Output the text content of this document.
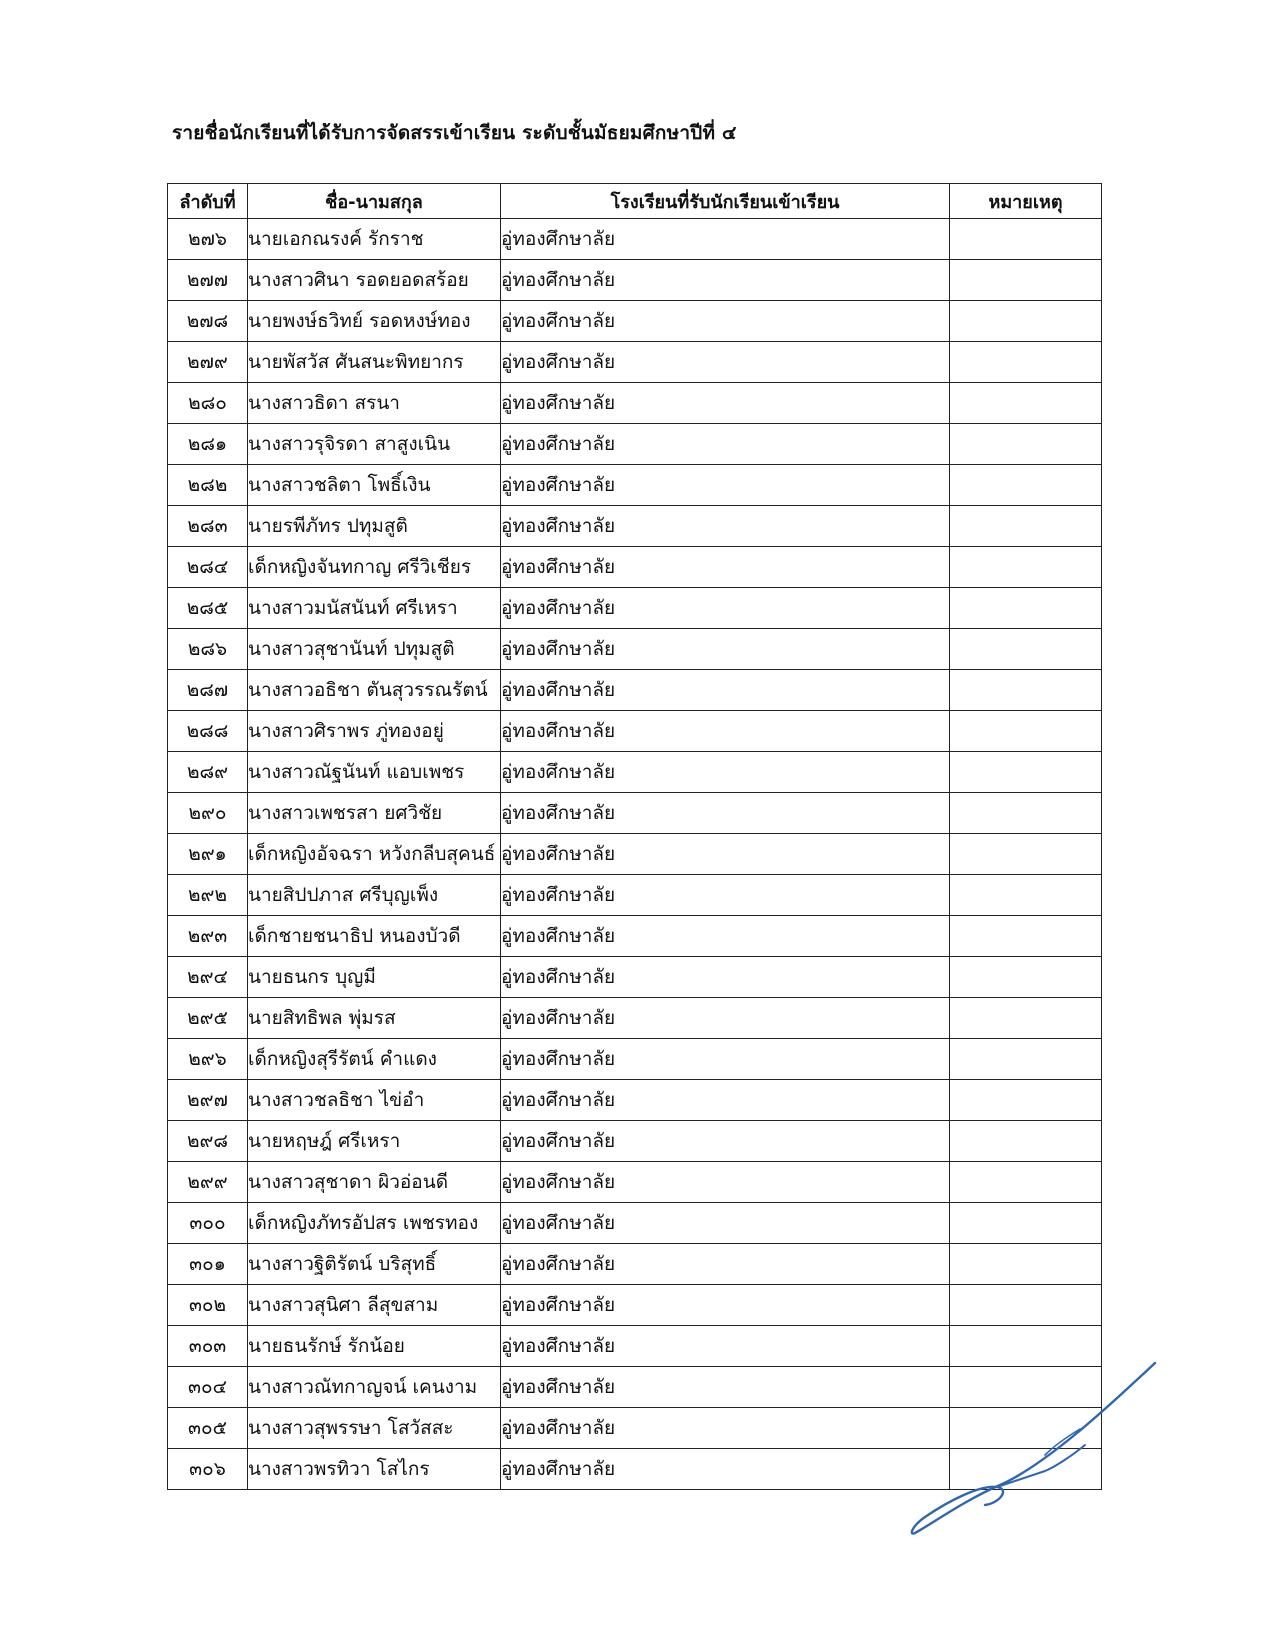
รายชื่อนักเรียนที่ได้รับการจัดสรรเข้าเรียน ระดับชั้นมัธยมศึกษาปีที่ ๔
ลำดับที่	ชื่อ-นามสกุล	โรงเรียนที่รับนักเรียนเข้าเรียน	หมายเหตุ
๒๗๖	นายเอกณรงค์ รักราช	อู่ทองศึกษาลัย	
๒๗๗	นางสาวศินา รอดยอดสร้อย	อู่ทองศึกษาลัย	
๒๗๘	นายพงษ์ธวิทย์ รอดหงษ์ทอง	อู่ทองศึกษาลัย	
๒๗๙	นายพัสวัส ศันสนะพิทยากร	อู่ทองศึกษาลัย	
๒๘๐	นางสาวธิดา สรนา	อู่ทองศึกษาลัย	
๒๘๑	นางสาวรุจิรดา สาสูงเนิน	อู่ทองศึกษาลัย	
๒๘๒	นางสาวชลิตา โพธิ์เงิน	อู่ทองศึกษาลัย	
๒๘๓	นายรพีภัทร ปทุมสูติ	อู่ทองศึกษาลัย	
๒๘๔	เด็กหญิงจันทกาญ ศรีวิเชียร	อู่ทองศึกษาลัย	
๒๘๕	นางสาวมนัสนันท์ ศรีเหรา	อู่ทองศึกษาลัย	
๒๘๖	นางสาวสุชานันท์ ปทุมสูติ	อู่ทองศึกษาลัย	
๒๘๗	นางสาวอธิชา ตันสุวรรณรัตน์	อู่ทองศึกษาลัย	
๒๘๘	นางสาวศิราพร ภู่ทองอยู่	อู่ทองศึกษาลัย	
๒๘๙	นางสาวณัฐนันท์ แอบเพชร	อู่ทองศึกษาลัย	
๒๙๐	นางสาวเพชรสา ยศวิชัย	อู่ทองศึกษาลัย	
๒๙๑	เด็กหญิงอัจฉรา หวังกลีบสุคนธ์	อู่ทองศึกษาลัย	
๒๙๒	นายสิปปภาส ศรีบุญเพ็ง	อู่ทองศึกษาลัย	
๒๙๓	เด็กชายชนาธิป หนองบัวดี	อู่ทองศึกษาลัย	
๒๙๔	นายธนกร บุญมี	อู่ทองศึกษาลัย	
๒๙๕	นายสิทธิพล พุ่มรส	อู่ทองศึกษาลัย	
๒๙๖	เด็กหญิงสุรีรัตน์ คำแดง	อู่ทองศึกษาลัย	
๒๙๗	นางสาวชลธิชา ไข่อำ	อู่ทองศึกษาลัย	
๒๙๘	นายหฤษฎ์ ศรีเหรา	อู่ทองศึกษาลัย	
๒๙๙	นางสาวสุชาดา ผิวอ่อนดี	อู่ทองศึกษาลัย	
๓๐๐	เด็กหญิงภัทรอัปสร เพชรทอง	อู่ทองศึกษาลัย	
๓๐๑	นางสาวฐิติรัตน์ บริสุทธิ์	อู่ทองศึกษาลัย	
๓๐๒	นางสาวสุนิศา ลีสุขสาม	อู่ทองศึกษาลัย	
๓๐๓	นายธนรักษ์ รักน้อย	อู่ทองศึกษาลัย	
๓๐๔	นางสาวณัทกาญจน์ เคนงาม	อู่ทองศึกษาลัย	
๓๐๕	นางสาวสุพรรษา โสวัสสะ	อู่ทองศึกษาลัย	
๓๐๖	นางสาวพรทิวา โสไกร	อู่ทองศึกษาลัย	
